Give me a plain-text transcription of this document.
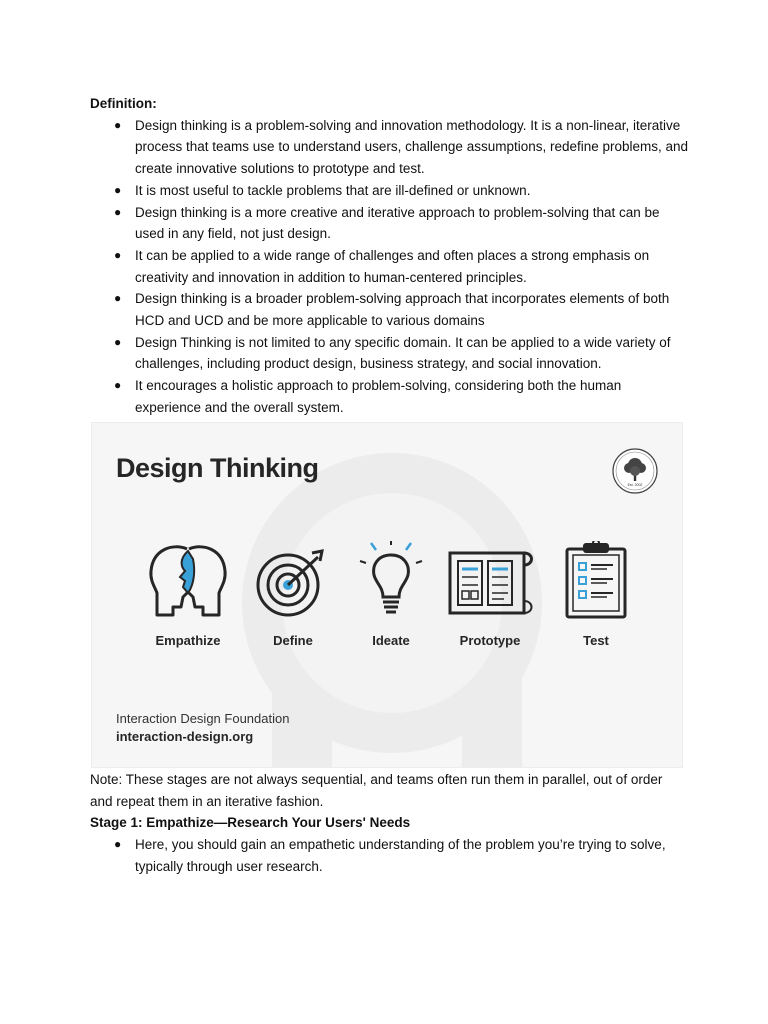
Definition:

● Design thinking is a problem-solving and innovation methodology. It is a non-linear, iterative process that teams use to understand users, challenge assumptions, redefine problems, and create innovative solutions to prototype and test.
● It is most useful to tackle problems that are ill-defined or unknown.
● Design thinking is a more creative and iterative approach to problem-solving that can be used in any field, not just design.
● It can be applied to a wide range of challenges and often places a strong emphasis on creativity and innovation in addition to human-centered principles.
● Design thinking is a broader problem-solving approach that incorporates elements of both HCD and UCD and be more applicable to various domains
● Design Thinking is not limited to any specific domain. It can be applied to a wide variety of challenges, including product design, business strategy, and social innovation.
● It encourages a holistic approach to problem-solving, considering both the human experience and the overall system.
Design Thinking
Est. 2002
Empathize	Define	Ideate	Prototype	Test
Interaction Design Foundation
interaction-design.org

Note: These stages are not always sequential, and teams often run them in parallel, out of order and repeat them in an iterative fashion.

Stage 1: Empathize—Research Your Users' Needs

● Here, you should gain an empathetic understanding of the problem you’re trying to solve, typically through user research.
